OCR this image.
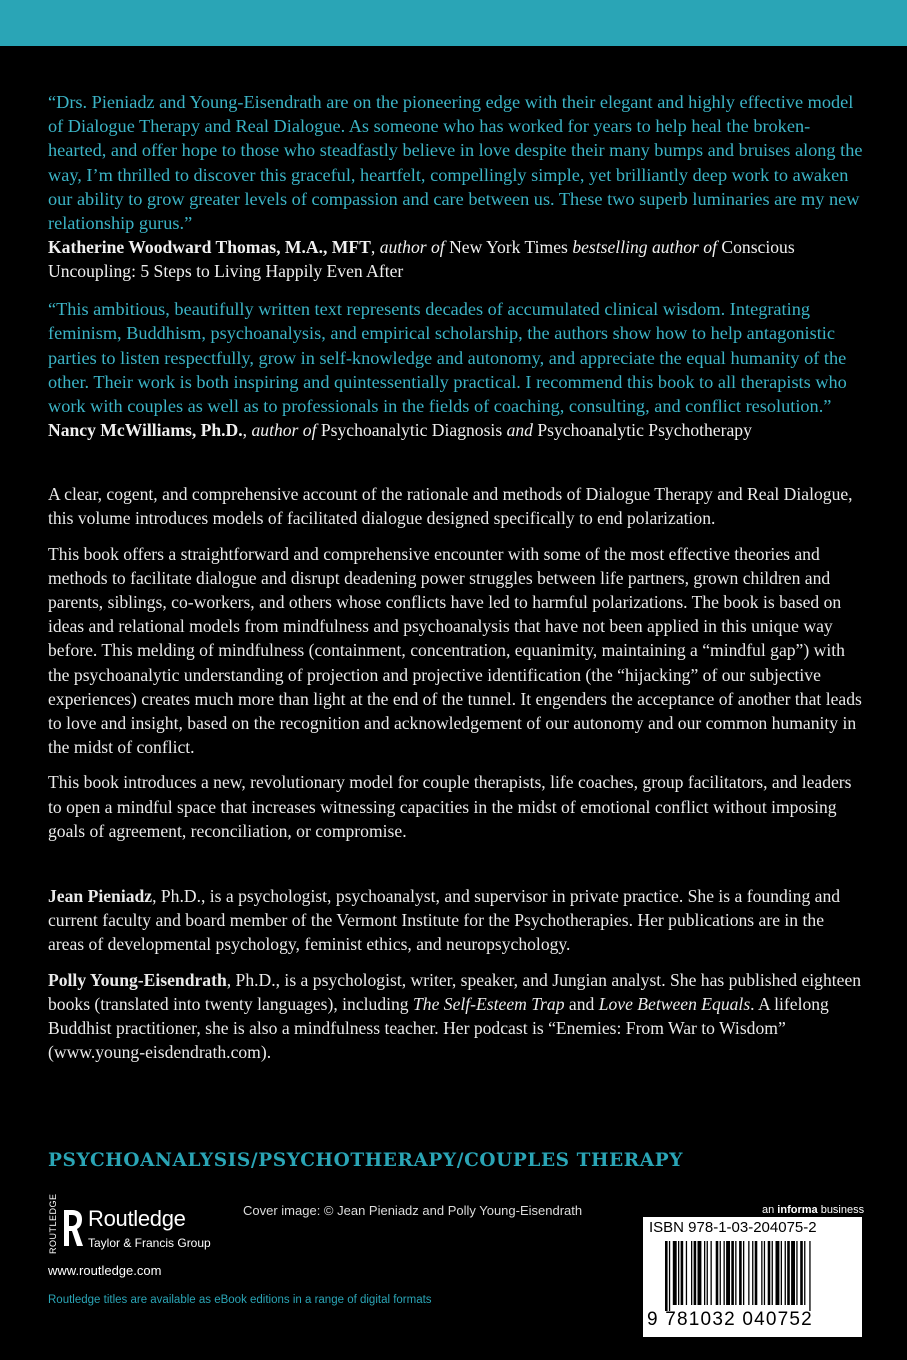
“Drs. Pieniadz and Young-Eisendrath are on the pioneering edge with their elegant and highly effective model of Dialogue Therapy and Real Dialogue. As someone who has worked for years to help heal the broken-hearted, and offer hope to those who steadfastly believe in love despite their many bumps and bruises along the way, I’m thrilled to discover this graceful, heartfelt, compellingly simple, yet brilliantly deep work to awaken our ability to grow greater levels of compassion and care between us. These two superb luminaries are my new relationship gurus.”

Katherine Woodward Thomas, M.A., MFT, author of New York Times bestselling author of Conscious Uncoupling: 5 Steps to Living Happily Even After

“This ambitious, beautifully written text represents decades of accumulated clinical wisdom. Integrating feminism, Buddhism, psychoanalysis, and empirical scholarship, the authors show how to help antagonistic parties to listen respectfully, grow in self-knowledge and autonomy, and appreciate the equal humanity of the other. Their work is both inspiring and quintessentially practical. I recommend this book to all therapists who work with couples as well as to professionals in the fields of coaching, consulting, and conflict resolution.”

Nancy McWilliams, Ph.D., author of Psychoanalytic Diagnosis and Psychoanalytic Psychotherapy

A clear, cogent, and comprehensive account of the rationale and methods of Dialogue Therapy and Real Dialogue, this volume introduces models of facilitated dialogue designed specifically to end polarization.

This book offers a straightforward and comprehensive encounter with some of the most effective theories and methods to facilitate dialogue and disrupt deadening power struggles between life partners, grown children and parents, siblings, co-workers, and others whose conflicts have led to harmful polarizations. The book is based on ideas and relational models from mindfulness and psychoanalysis that have not been applied in this unique way before. This melding of mindfulness (containment, concentration, equanimity, maintaining a “mindful gap”) with the psychoanalytic understanding of projection and projective identification (the “hijacking” of our subjective experiences) creates much more than light at the end of the tunnel. It engenders the acceptance of another that leads to love and insight, based on the recognition and acknowledgement of our autonomy and our common humanity in the midst of conflict.

This book introduces a new, revolutionary model for couple therapists, life coaches, group facilitators, and leaders to open a mindful space that increases witnessing capacities in the midst of emotional conflict without imposing goals of agreement, reconciliation, or compromise.

Jean Pieniadz, Ph.D., is a psychologist, psychoanalyst, and supervisor in private practice. She is a founding and current faculty and board member of the Vermont Institute for the Psychotherapies. Her publications are in the areas of developmental psychology, feminist ethics, and neuropsychology.

Polly Young-Eisendrath, Ph.D., is a psychologist, writer, speaker, and Jungian analyst. She has published eighteen books (translated into twenty languages), including The Self-Esteem Trap and Love Between Equals. A lifelong Buddhist practitioner, she is also a mindfulness teacher. Her podcast is “Enemies: From War to Wisdom” (www.young-eisdendrath.com).

PSYCHOANALYSIS/PSYCHOTHERAPY/COUPLES THERAPY
ROUTLEDGE Routledge
Taylor & Francis Group
www.routledge.com
Routledge titles are available as eBook editions in a range of digital formats
Cover image: © Jean Pieniadz and Polly Young-Eisendrath	an informa business
ISBN 978-1-03-204075-2
9 781032 040752
